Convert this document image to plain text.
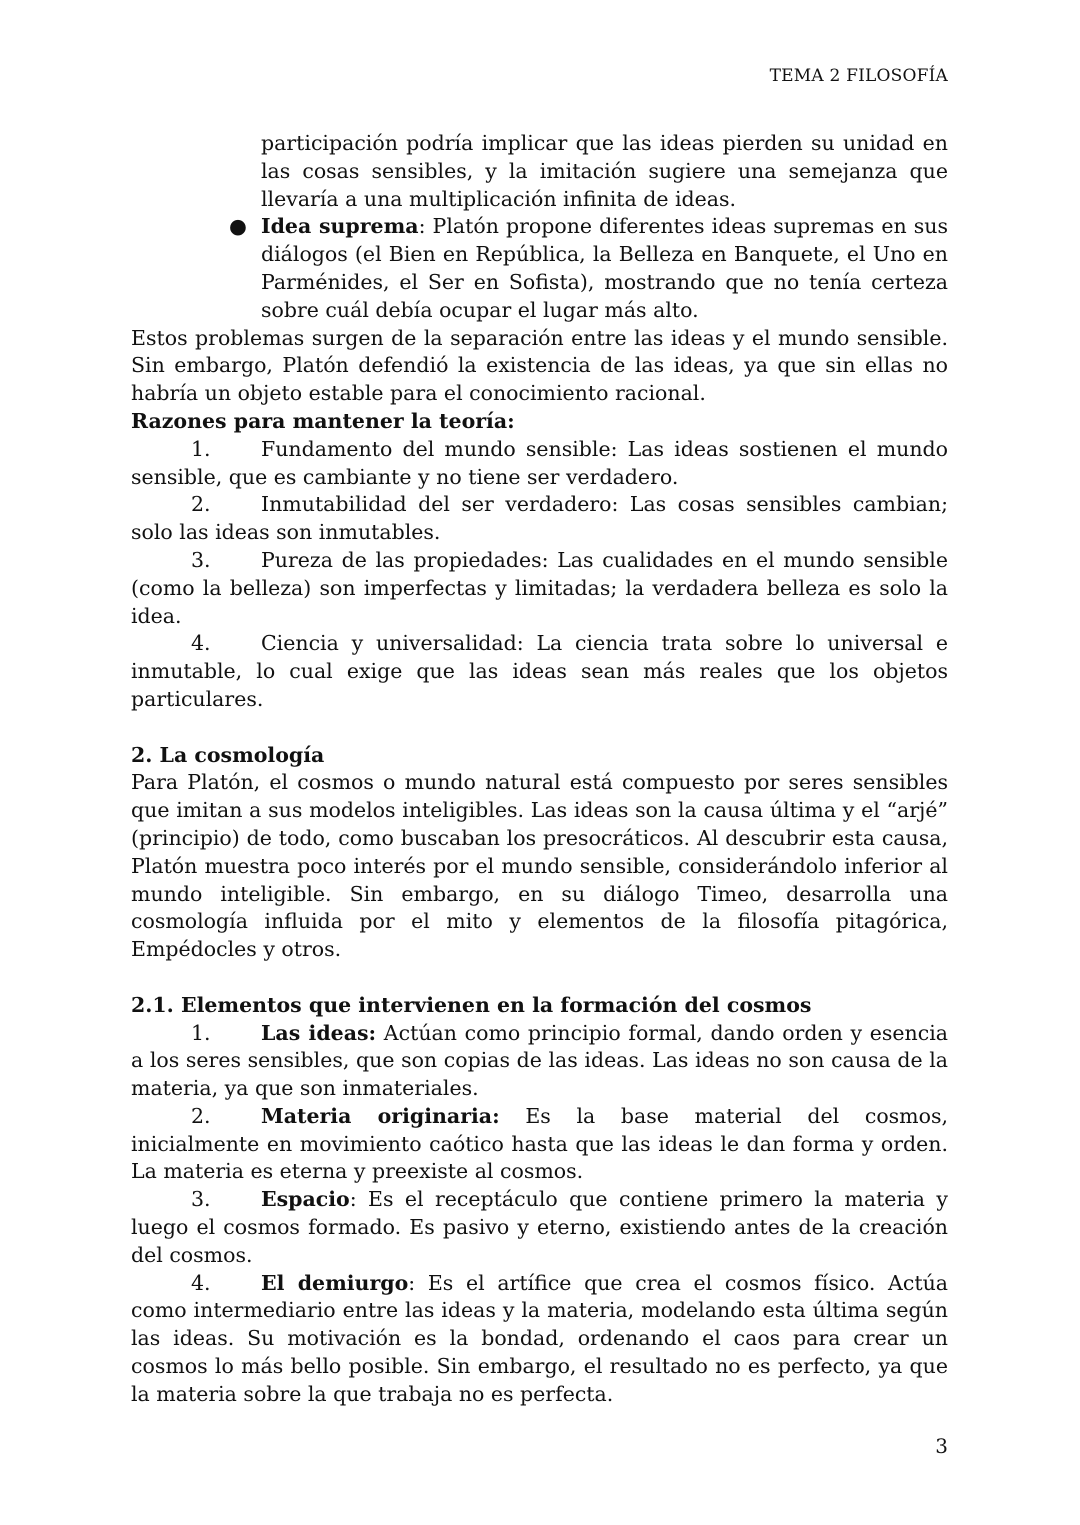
TEMA 2 FILOSOFÍA

participación podría implicar que las ideas pierden su unidad en las cosas sensibles, y la imitación sugiere una semejanza que llevaría a una multiplicación infinita de ideas.

● Idea suprema: Platón propone diferentes ideas supremas en sus diálogos (el Bien en República, la Belleza en Banquete, el Uno en Parménides, el Ser en Sofista), mostrando que no tenía certeza sobre cuál debía ocupar el lugar más alto.

Estos problemas surgen de la separación entre las ideas y el mundo sensible. Sin embargo, Platón defendió la existencia de las ideas, ya que sin ellas no habría un objeto estable para el conocimiento racional.

Razones para mantener la teoría:

1. Fundamento del mundo sensible: Las ideas sostienen el mundo sensible, que es cambiante y no tiene ser verdadero.

2. Inmutabilidad del ser verdadero: Las cosas sensibles cambian; solo las ideas son inmutables.

3. Pureza de las propiedades: Las cualidades en el mundo sensible (como la belleza) son imperfectas y limitadas; la verdadera belleza es solo la idea.

4. Ciencia y universalidad: La ciencia trata sobre lo universal e inmutable, lo cual exige que las ideas sean más reales que los objetos particulares.

2. La cosmología

Para Platón, el cosmos o mundo natural está compuesto por seres sensibles que imitan a sus modelos inteligibles. Las ideas son la causa última y el “arjé” (principio) de todo, como buscaban los presocráticos. Al descubrir esta causa, Platón muestra poco interés por el mundo sensible, considerándolo inferior al mundo inteligible. Sin embargo, en su diálogo Timeo, desarrolla una cosmología influida por el mito y elementos de la filosofía pitagórica, Empédocles y otros.

2.1. Elementos que intervienen en la formación del cosmos

1. Las ideas: Actúan como principio formal, dando orden y esencia a los seres sensibles, que son copias de las ideas. Las ideas no son causa de la materia, ya que son inmateriales.

2. Materia originaria: Es la base material del cosmos, inicialmente en movimiento caótico hasta que las ideas le dan forma y orden. La materia es eterna y preexiste al cosmos.

3. Espacio: Es el receptáculo que contiene primero la materia y luego el cosmos formado. Es pasivo y eterno, existiendo antes de la creación del cosmos.

4. El demiurgo: Es el artífice que crea el cosmos físico. Actúa como intermediario entre las ideas y la materia, modelando esta última según las ideas. Su motivación es la bondad, ordenando el caos para crear un cosmos lo más bello posible. Sin embargo, el resultado no es perfecto, ya que la materia sobre la que trabaja no es perfecta.

3
